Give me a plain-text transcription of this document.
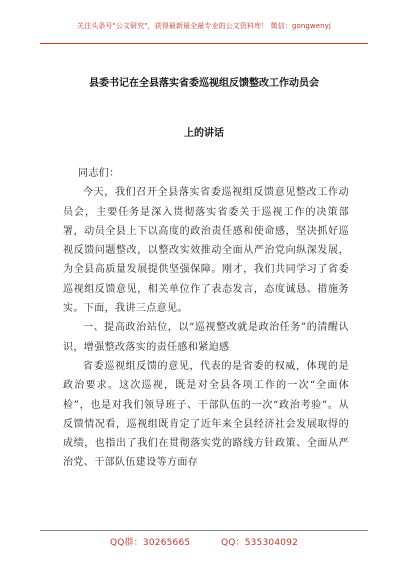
关注头条号"公文研究"，获得最新最全最专业的公文资料库！ 微信：gongwenyj
县委书记在全县落实省委巡视组反馈整改工作动员会
上的讲话

同志们：

今天，我们召开全县落实省委巡视组反馈意见整改工作动员会，主要任务是深入贯彻落实省委关于巡视工作的决策部署，动员全县上下以高度的政治责任感和使命感，坚决抓好巡视反馈问题整改，以整改实效推动全面从严治党向纵深发展，为全县高质量发展提供坚强保障。刚才，我们共同学习了省委巡视组反馈意见，相关单位作了表态发言，态度诚恳、措施务实。下面，我讲三点意见。

一、提高政治站位，以“巡视整改就是政治任务”的清醒认识，增强整改落实的责任感和紧迫感

省委巡视组反馈的意见，代表的是省委的权威，体现的是政治要求。这次巡视，既是对全县各项工作的一次“全面体检”，也是对我们领导班子、干部队伍的一次“政治考验”。从反馈情况看，巡视组既肯定了近年来全县经济社会发展取得的成绩，也指出了我们在贯彻落实党的路线方针政策、全面从严治党、干部队伍建设等方面存

QQ群：30265665          QQ：535304092
